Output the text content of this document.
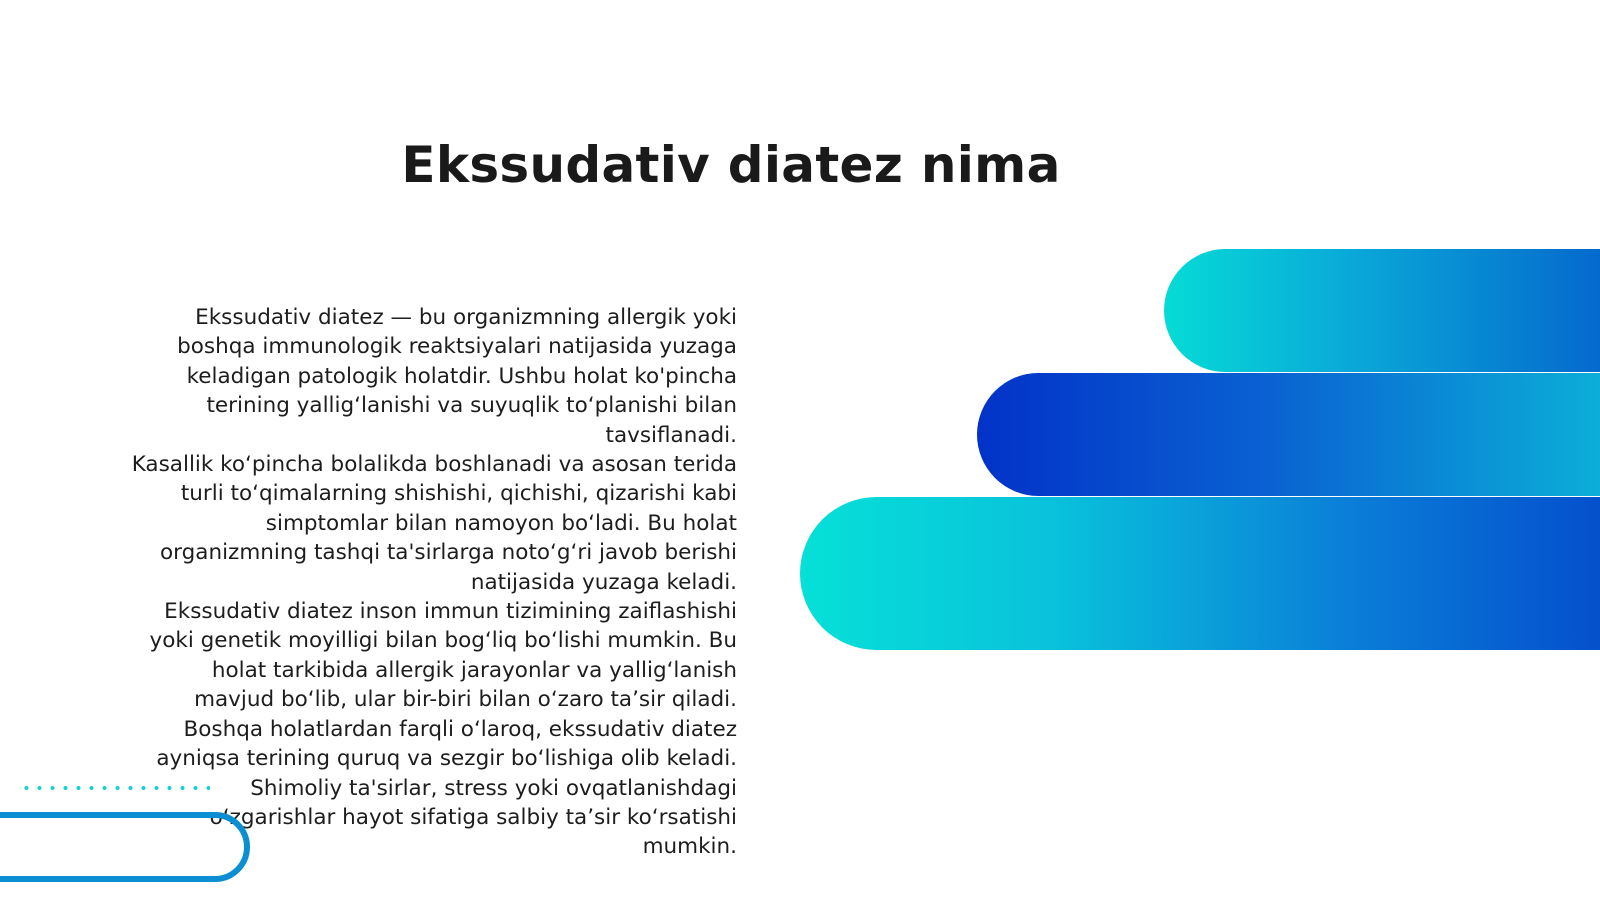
Ekssudativ diatez nima

Ekssudativ diatez — bu organizmning allergik yoki boshqa immunologik reaktsiyalari natijasida yuzaga keladigan patologik holatdir. Ushbu holat ko'pincha terining yallig‘lanishi va suyuqlik to‘planishi bilan tavsiflanadi.

Kasallik ko‘pincha bolalikda boshlanadi va asosan terida turli to‘qimalarning shishishi, qichishi, qizarishi kabi simptomlar bilan namoyon bo‘ladi. Bu holat organizmning tashqi ta'sirlarga noto‘g‘ri javob berishi natijasida yuzaga keladi.

Ekssudativ diatez inson immun tizimining zaiflashishi yoki genetik moyilligi bilan bog‘liq bo‘lishi mumkin. Bu holat tarkibida allergik jarayonlar va yallig‘lanish mavjud bo‘lib, ular bir-biri bilan o‘zaro ta’sir qiladi.

Boshqa holatlardan farqli o‘laroq, ekssudativ diatez ayniqsa terining quruq va sezgir bo‘lishiga olib keladi. Shimoliy ta'sirlar, stress yoki ovqatlanishdagi o‘zgarishlar hayot sifatiga salbiy ta’sir ko‘rsatishi mumkin.
